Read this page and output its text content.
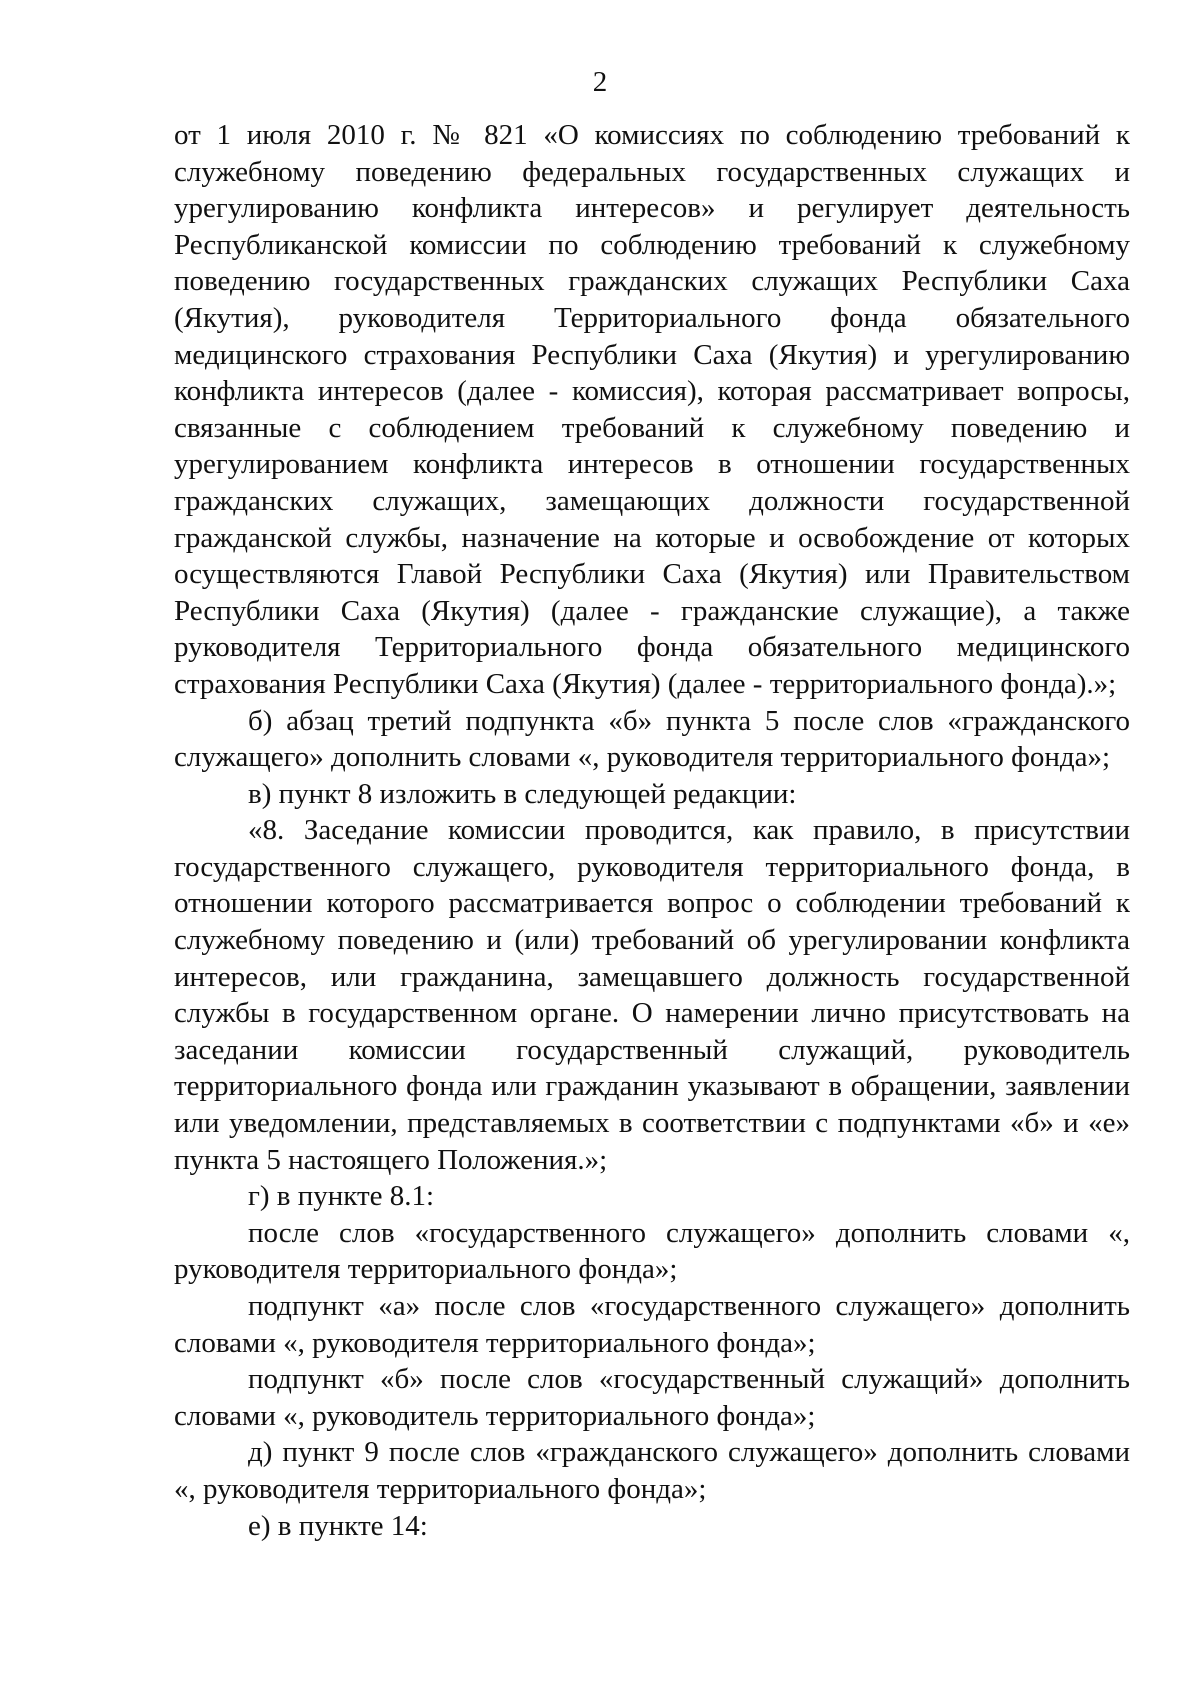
2

от 1 июля 2010 г. № 821 «О комиссиях по соблюдению требований к служебному поведению федеральных государственных служащих и урегулированию конфликта интересов» и регулирует деятельность Республиканской комиссии по соблюдению требований к служебному поведению государственных гражданских служащих Республики Саха (Якутия), руководителя Территориального фонда обязательного медицинского страхования Республики Саха (Якутия) и урегулированию конфликта интересов (далее - комиссия), которая рассматривает вопросы, связанные с соблюдением требований к служебному поведению и урегулированием конфликта интересов в отношении государственных гражданских служащих, замещающих должности государственной гражданской службы, назначение на которые и освобождение от которых осуществляются Главой Республики Саха (Якутия) или Правительством Республики Саха (Якутия) (далее - гражданские служащие), а также руководителя Территориального фонда обязательного медицинского страхования Республики Саха (Якутия) (далее - территориального фонда).»;

б) абзац третий подпункта «б» пункта 5 после слов «гражданского служащего» дополнить словами «, руководителя территориального фонда»;

в) пункт 8 изложить в следующей редакции:

«8. Заседание комиссии проводится, как правило, в присутствии государственного служащего, руководителя территориального фонда, в отношении которого рассматривается вопрос о соблюдении требований к служебному поведению и (или) требований об урегулировании конфликта интересов, или гражданина, замещавшего должность государственной службы в государственном органе. О намерении лично присутствовать на заседании комиссии государственный служащий, руководитель территориального фонда или гражданин указывают в обращении, заявлении или уведомлении, представляемых в соответствии с подпунктами «б» и «е» пункта 5 настоящего Положения.»;

г) в пункте 8.1:

после слов «государственного служащего» дополнить словами «, руководителя территориального фонда»;

подпункт «а» после слов «государственного служащего» дополнить словами «, руководителя территориального фонда»;

подпункт «б» после слов «государственный служащий» дополнить словами «, руководитель территориального фонда»;

д) пункт 9 после слов «гражданского служащего» дополнить словами «, руководителя территориального фонда»;

е) в пункте 14:
